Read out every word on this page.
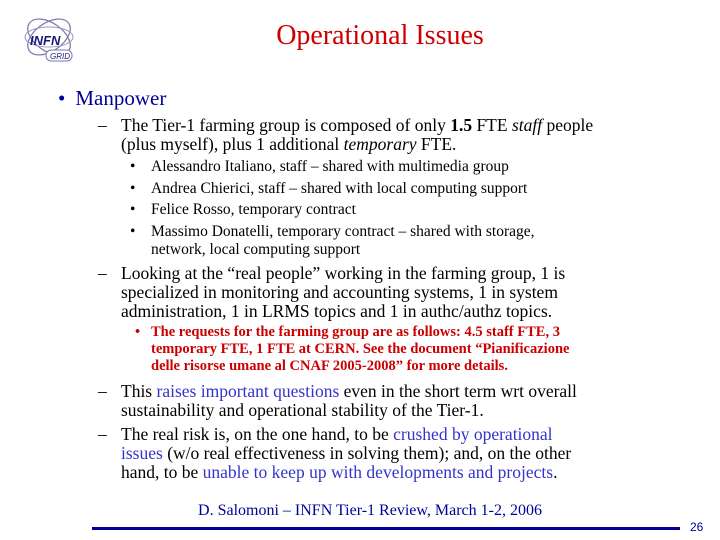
INFN
GRID
Operational Issues
• Manpower
– The Tier-1 farming group is composed of only 1.5 FTE staff people
(plus myself), plus 1 additional temporary FTE.
• Alessandro Italiano, staff – shared with multimedia group
• Andrea Chierici, staff – shared with local computing support
• Felice Rosso, temporary contract
• Massimo Donatelli, temporary contract – shared with storage,
network, local computing support
– Looking at the “real people” working in the farming group, 1 is
specialized in monitoring and accounting systems, 1 in system
administration, 1 in LRMS topics and 1 in authc/authz topics.
• The requests for the farming group are as follows: 4.5 staff FTE, 3
temporary FTE, 1 FTE at CERN. See the document “Pianificazione
delle risorse umane al CNAF 2005-2008” for more details.
– This raises important questions even in the short term wrt overall
sustainability and operational stability of the Tier-1.
– The real risk is, on the one hand, to be crushed by operational
issues (w/o real effectiveness in solving them); and, on the other
hand, to be unable to keep up with developments and projects.
D. Salomoni – INFN Tier-1 Review, March 1-2, 2006
26
